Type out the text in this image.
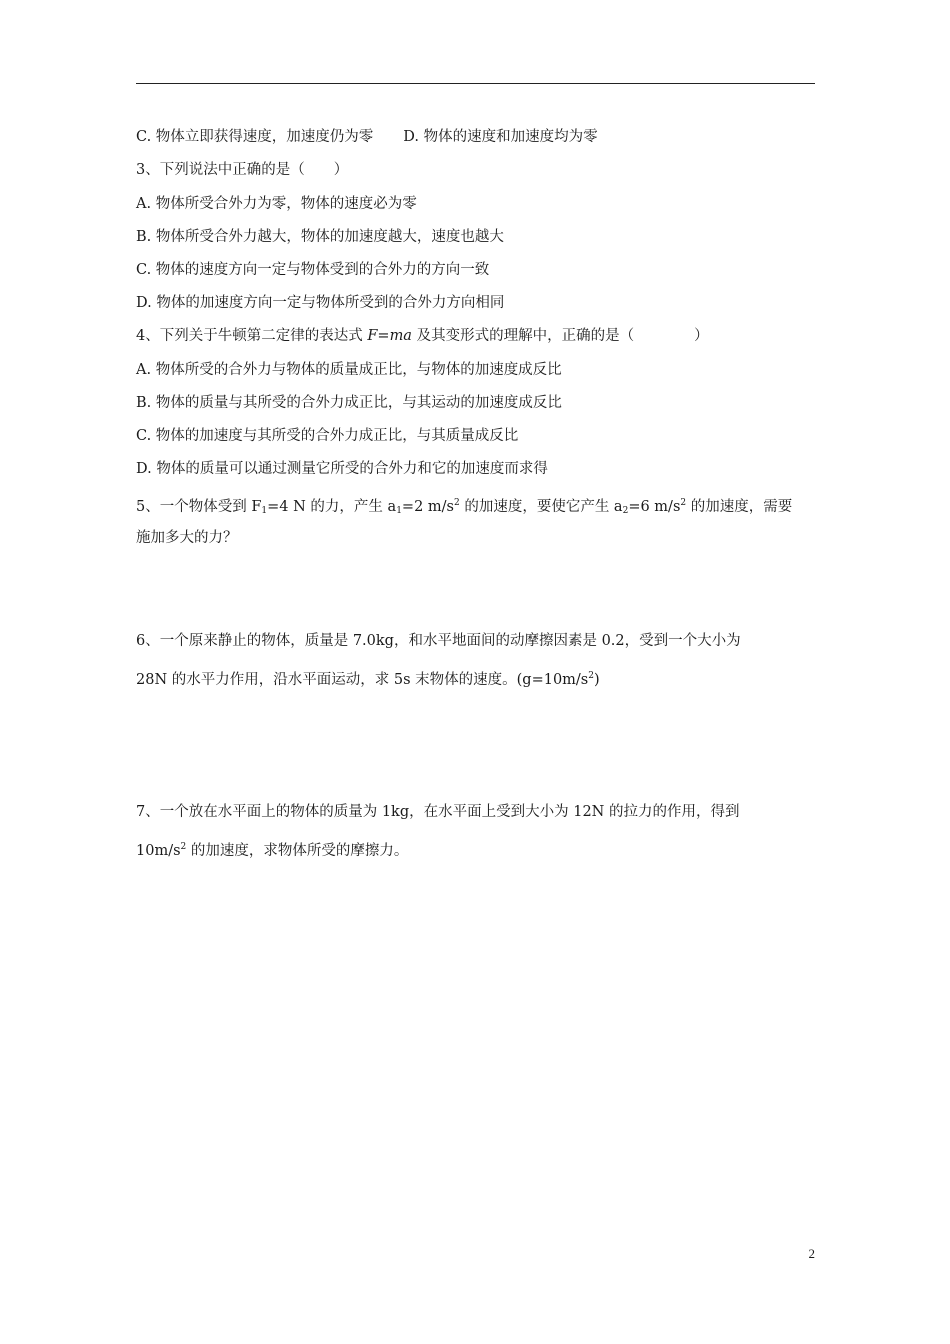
C. 物体立即获得速度，加速度仍为零 D. 物体的速度和加速度均为零
3、下列说法中正确的是（　　）
A. 物体所受合外力为零，物体的速度必为零
B. 物体所受合外力越大，物体的加速度越大，速度也越大
C. 物体的速度方向一定与物体受到的合外力的方向一致
D. 物体的加速度方向一定与物体所受到的合外力方向相同
4、下列关于牛顿第二定律的表达式 F=ma 及其变形式的理解中，正确的是（	）
A. 物体所受的合外力与物体的质量成正比，与物体的加速度成反比
B. 物体的质量与其所受的合外力成正比，与其运动的加速度成反比
C. 物体的加速度与其所受的合外力成正比，与其质量成反比
D. 物体的质量可以通过测量它所受的合外力和它的加速度而求得
5、一个物体受到 $F_1=4$ N 的力，产生 $a_1=2$ $m/s^2$ 的加速度，要使它产生 $a_2=6$ $m/s^2$ 的加速度，需要
施加多大的力？
6、一个原来静止的物体，质量是 7.0kg，和水平地面间的动摩擦因素是 0.2，受到一个大小为
28N 的水平力作用，沿水平面运动，求 5s 末物体的速度。$(g=10m/s^2)$
7、一个放在水平面上的物体的质量为 1kg，在水平面上受到大小为 12N 的拉力的作用，得到
$10m/s^2$ 的加速度，求物体所受的摩擦力。
2
